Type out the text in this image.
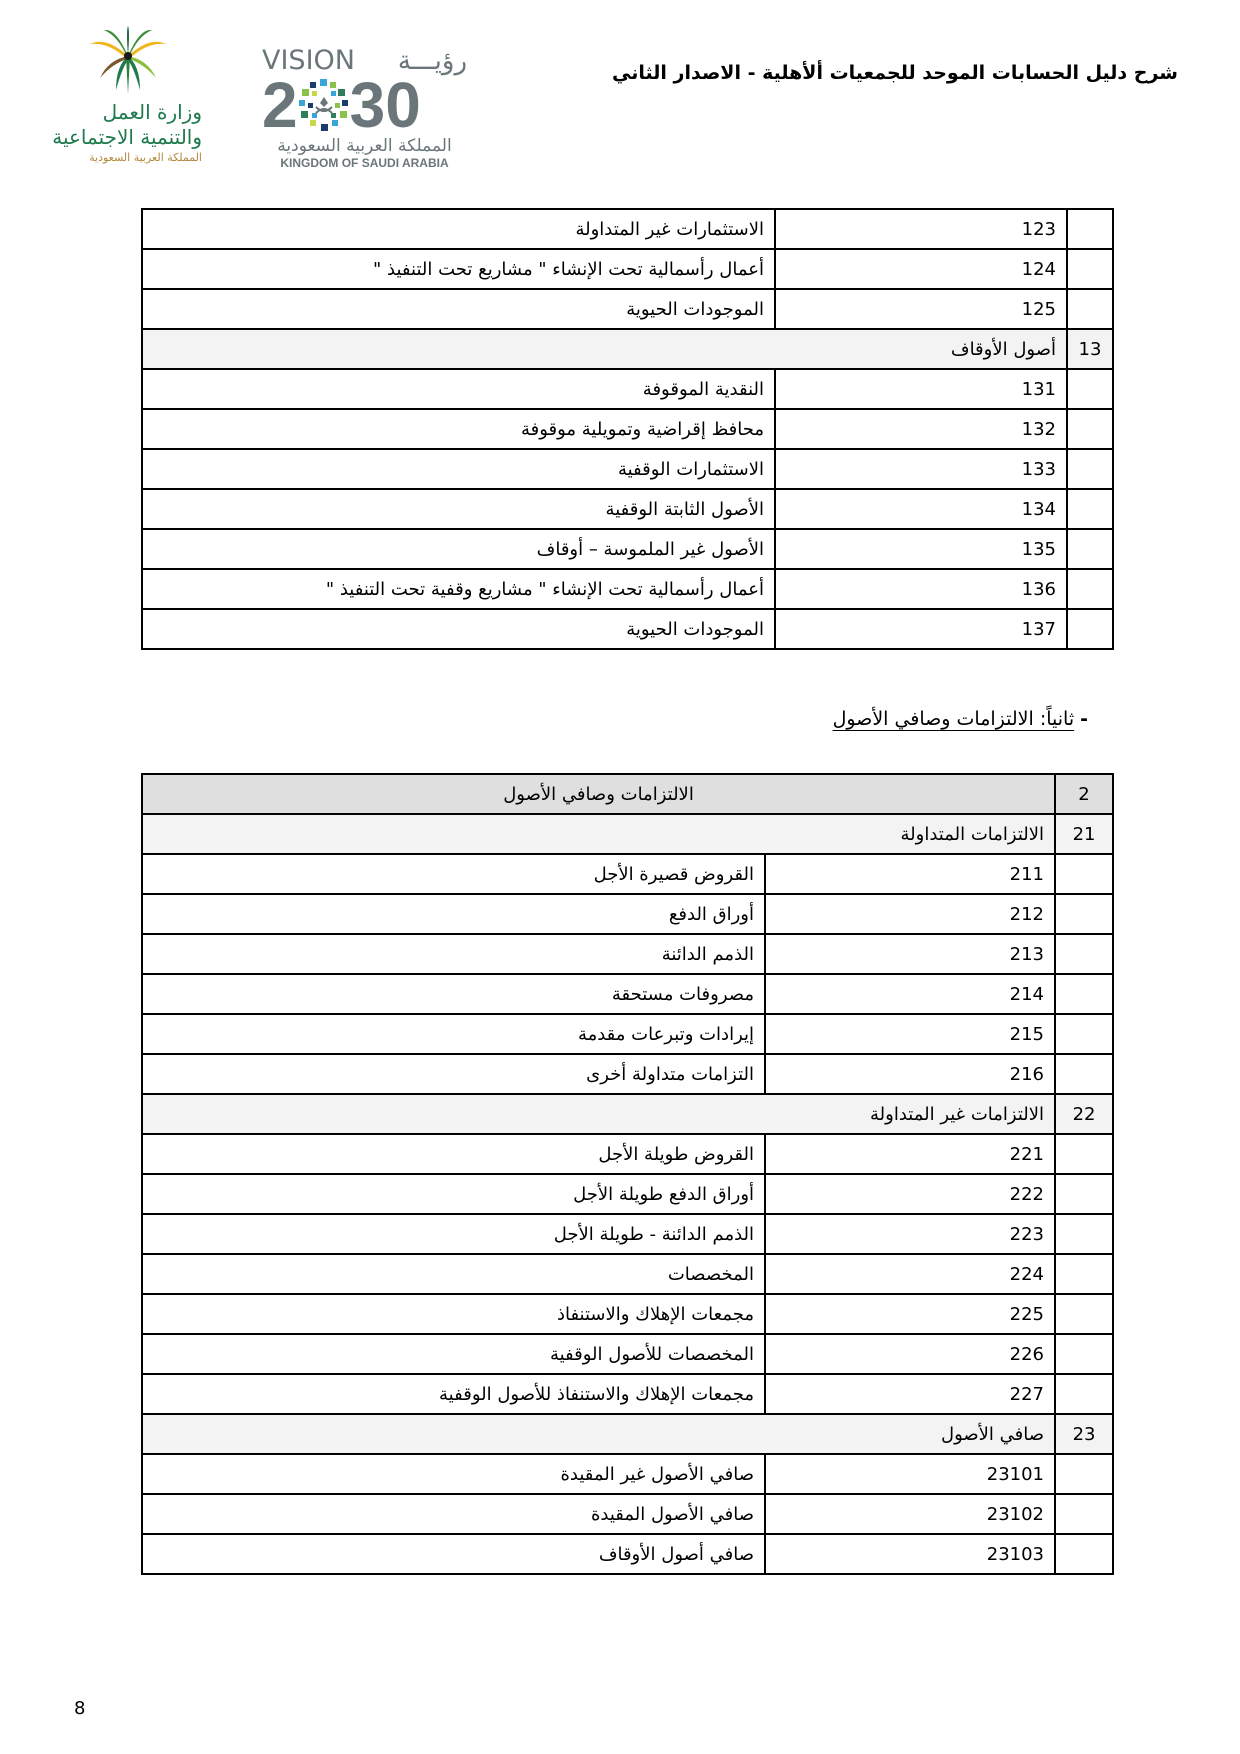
شرح دليل الحسابات الموحد للجمعيات ألأهلية - الاصدار الثاني
وزارة العمل
والتنمية الاجتماعية
المملكة العربية السعودية
VISION رؤيـــة
2 30
المملكة العربية السعودية
KINGDOM OF SAUDI ARABIA
	123	الاستثمارات غير المتداولة
	124	أعمال رأسمالية تحت الإنشاء " مشاريع تحت التنفيذ "
	125	الموجودات الحيوية
13	أصول الأوقاف	
	131	النقدية الموقوفة
	132	محافظ إقراضية وتمويلية موقوفة
	133	الاستثمارات الوقفية
	134	الأصول الثابتة الوقفية
	135	الأصول غير الملموسة – أوقاف
	136	أعمال رأسمالية تحت الإنشاء " مشاريع وقفية تحت التنفيذ "
	137	الموجودات الحيوية
-ثانياً: الالتزامات وصافي الأصول
2	الالتزامات وصافي الأصول	
21	الالتزامات المتداولة	
	211	القروض قصيرة الأجل
	212	أوراق الدفع
	213	الذمم الدائنة
	214	مصروفات مستحقة
	215	إيرادات وتبرعات مقدمة
	216	التزامات متداولة أخرى
22	الالتزامات غير المتداولة	
	221	القروض طويلة الأجل
	222	أوراق الدفع طويلة الأجل
	223	الذمم الدائنة - طويلة الأجل
	224	المخصصات
	225	مجمعات الإهلاك والاستنفاذ
	226	المخصصات للأصول الوقفية
	227	مجمعات الإهلاك والاستنفاذ للأصول الوقفية
23	صافي الأصول	
	23101	صافي الأصول غير المقيدة
	23102	صافي الأصول المقيدة
	23103	صافي أصول الأوقاف
8
